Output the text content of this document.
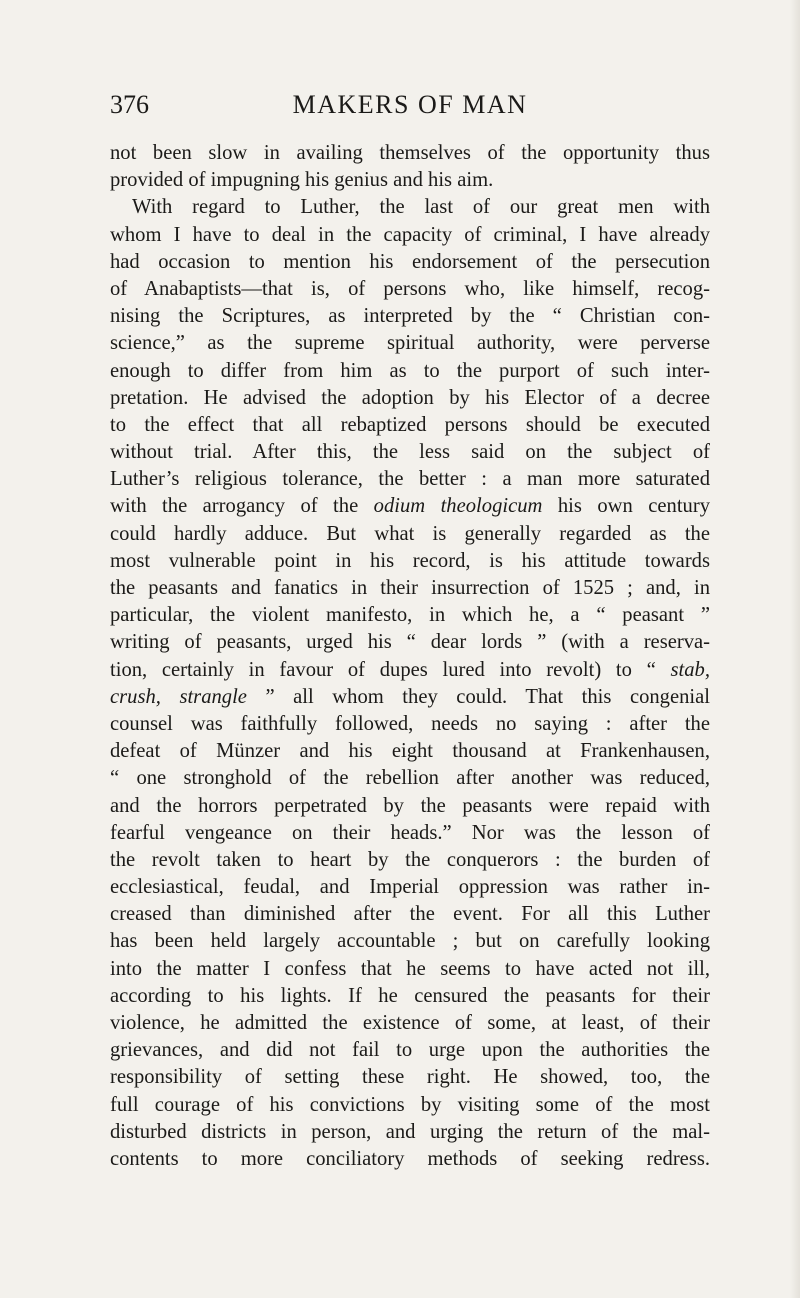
376	MAKERS OF MAN
not been slow in availing themselves of the opportunity thus
provided of impugning his genius and his aim.
With regard to Luther, the last of our great men with
whom I have to deal in the capacity of criminal, I have already
had occasion to mention his endorsement of the persecution
of Anabaptists—that is, of persons who, like himself, recog-
nising the Scriptures, as interpreted by the “ Christian con-
science,” as the supreme spiritual authority, were perverse
enough to differ from him as to the purport of such inter-
pretation. He advised the adoption by his Elector of a decree
to the effect that all rebaptized persons should be executed
without trial. After this, the less said on the subject of
Luther’s religious tolerance, the better : a man more saturated
with the arrogancy of the odium theologicum his own century
could hardly adduce. But what is generally regarded as the
most vulnerable point in his record, is his attitude towards
the peasants and fanatics in their insurrection of 1525 ; and, in
particular, the violent manifesto, in which he, a “ peasant ”
writing of peasants, urged his “ dear lords ” (with a reserva-
tion, certainly in favour of dupes lured into revolt) to “ stab,
crush, strangle ” all whom they could. That this congenial
counsel was faithfully followed, needs no saying : after the
defeat of Münzer and his eight thousand at Frankenhausen,
“ one stronghold of the rebellion after another was reduced,
and the horrors perpetrated by the peasants were repaid with
fearful vengeance on their heads.” Nor was the lesson of
the revolt taken to heart by the conquerors : the burden of
ecclesiastical, feudal, and Imperial oppression was rather in-
creased than diminished after the event. For all this Luther
has been held largely accountable ; but on carefully looking
into the matter I confess that he seems to have acted not ill,
according to his lights. If he censured the peasants for their
violence, he admitted the existence of some, at least, of their
grievances, and did not fail to urge upon the authorities the
responsibility of setting these right. He showed, too, the
full courage of his convictions by visiting some of the most
disturbed districts in person, and urging the return of the mal-
contents to more conciliatory methods of seeking redress.
